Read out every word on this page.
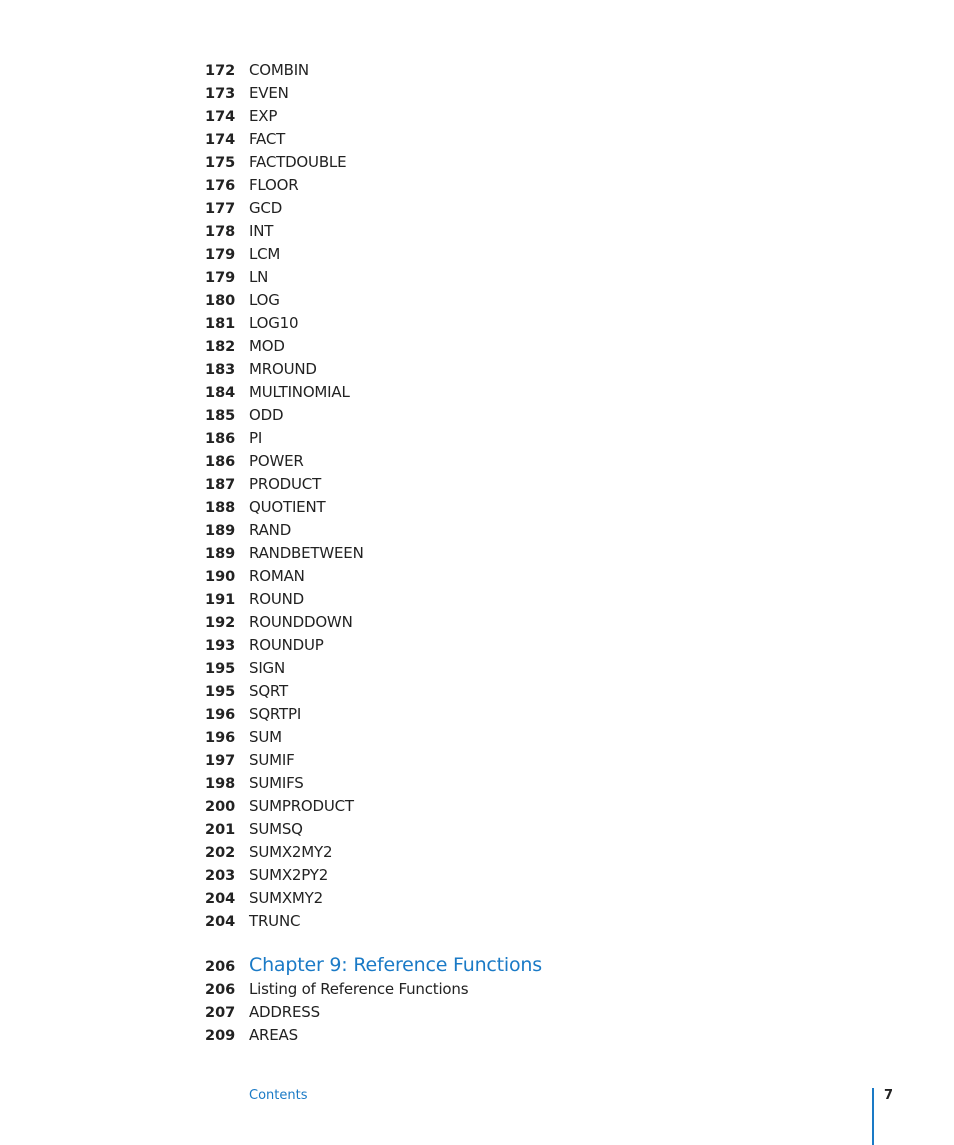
172 COMBIN
173 EVEN
174 EXP
174 FACT
175 FACTDOUBLE
176 FLOOR
177 GCD
178 INT
179 LCM
179 LN
180 LOG
181 LOG10
182 MOD
183 MROUND
184 MULTINOMIAL
185 ODD
186 PI
186 POWER
187 PRODUCT
188 QUOTIENT
189 RAND
189 RANDBETWEEN
190 ROMAN
191 ROUND
192 ROUNDDOWN
193 ROUNDUP
195 SIGN
195 SQRT
196 SQRTPI
196 SUM
197 SUMIF
198 SUMIFS
200 SUMPRODUCT
201 SUMSQ
202 SUMX2MY2
203 SUMX2PY2
204 SUMXMY2
204 TRUNC
206 Chapter 9: Reference Functions
206 Listing of Reference Functions
207 ADDRESS
209 AREAS
Contents	7
